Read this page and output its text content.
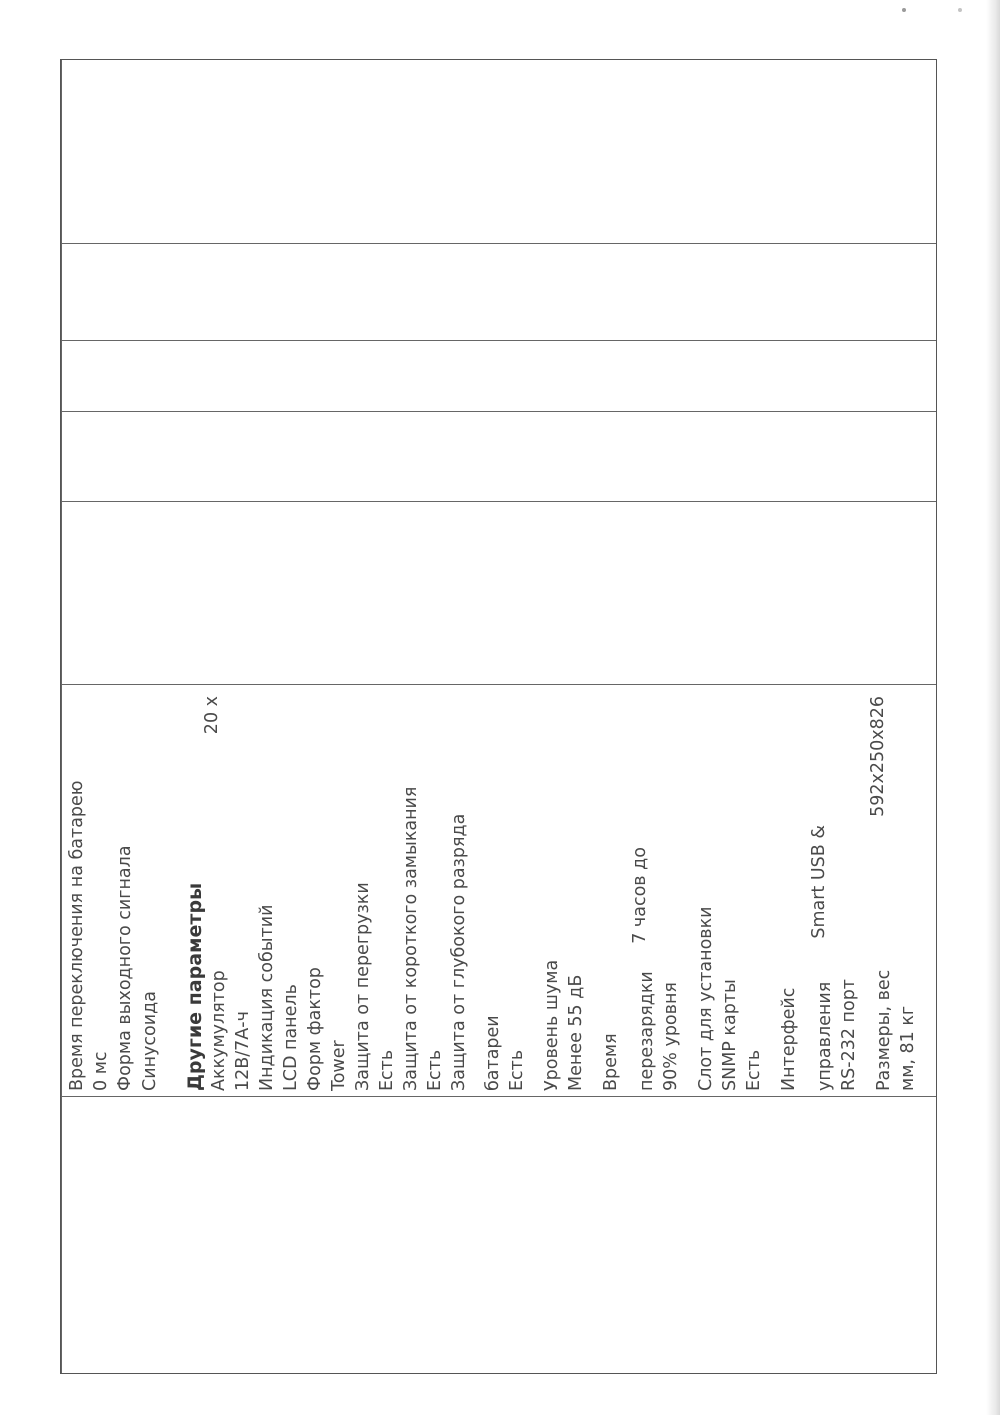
Время переключения на батарею 0 мс Форма выходного сигнала Синусоида Другие параметры Аккумулятор
20 х
12В/7А-ч Индикация событий LCD панель Форм фактор Tower Защита от перегрузки Есть Защита от короткого замыкания Есть Защита от глубокого разряда батареи Есть Уровень шума Менее 55 дБ Время перезарядки
7 часов до
90% уровня Слот для установки SNMP карты Есть Интерфейс управления
Smart USB &
RS-232 порт Размеры, вес
592х250х826
мм, 81 кг
